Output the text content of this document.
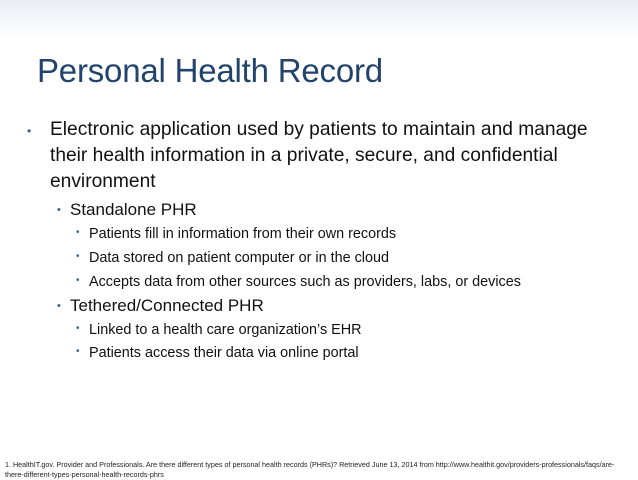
Personal Health Record
• Electronic application used by patients to maintain and manage their health information in a private, secure, and confidential environment
• Standalone PHR
• Patients fill in information from their own records
• Data stored on patient computer or in the cloud
• Accepts data from other sources such as providers, labs, or devices
• Tethered/Connected PHR
• Linked to a health care organization’s EHR
• Patients access their data via online portal
1. HealthIT.gov. Provider and Professionals. Are there different types of personal health records (PHRs)? Retrieved June 13, 2014 from http://www.healthit.gov/providers-professionals/faqs/are-there-different-types-personal-health-records-phrs
